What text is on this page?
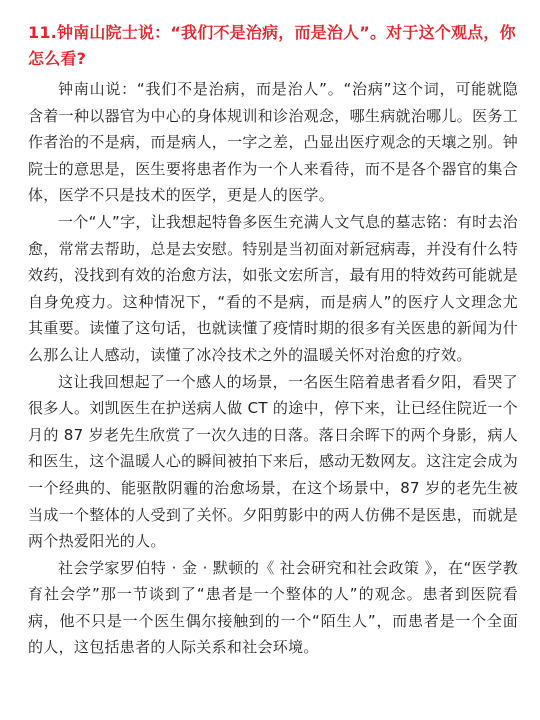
11.钟南山院士说：“我们不是治病，而是治人”。对于这个观点，你怎么看?

钟南山说：“我们不是治病，而是治人”。“治病”这个词，可能就隐含着一种以器官为中心的身体规训和诊治观念，哪生病就治哪儿。医务工作者治的不是病，而是病人，一字之差，凸显出医疗观念的天壤之别。钟院士的意思是，医生要将患者作为一个人来看待，而不是各个器官的集合体，医学不只是技术的医学，更是人的医学。

一个“人”字，让我想起特鲁多医生充满人文气息的墓志铭：有时去治愈，常常去帮助，总是去安慰。特别是当初面对新冠病毒，并没有什么特效药，没找到有效的治愈方法，如张文宏所言，最有用的特效药可能就是自身免疫力。这种情况下，“看的不是病，而是病人”的医疗人文理念尤其重要。读懂了这句话，也就读懂了疫情时期的很多有关医患的新闻为什么那么让人感动，读懂了冰冷技术之外的温暖关怀对治愈的疗效。

这让我回想起了一个感人的场景，一名医生陪着患者看夕阳，看哭了很多人。刘凯医生在护送病人做 CT 的途中，停下来，让已经住院近一个月的 87 岁老先生欣赏了一次久违的日落。落日余晖下的两个身影，病人和医生，这个温暖人心的瞬间被拍下来后，感动无数网友。这注定会成为一个经典的、能驱散阴霾的治愈场景，在这个场景中，87 岁的老先生被当成一个整体的人受到了关怀。夕阳剪影中的两人仿佛不是医患，而就是两个热爱阳光的人。

社会学家罗伯特 · 金 · 默顿的《 社会研究和社会政策 》，在“医学教育社会学”那一节谈到了“患者是一个整体的人”的观念。患者到医院看病，他不只是一个医生偶尔接触到的一个“陌生人”，而患者是一个全面的人，这包括患者的人际关系和社会环境。
